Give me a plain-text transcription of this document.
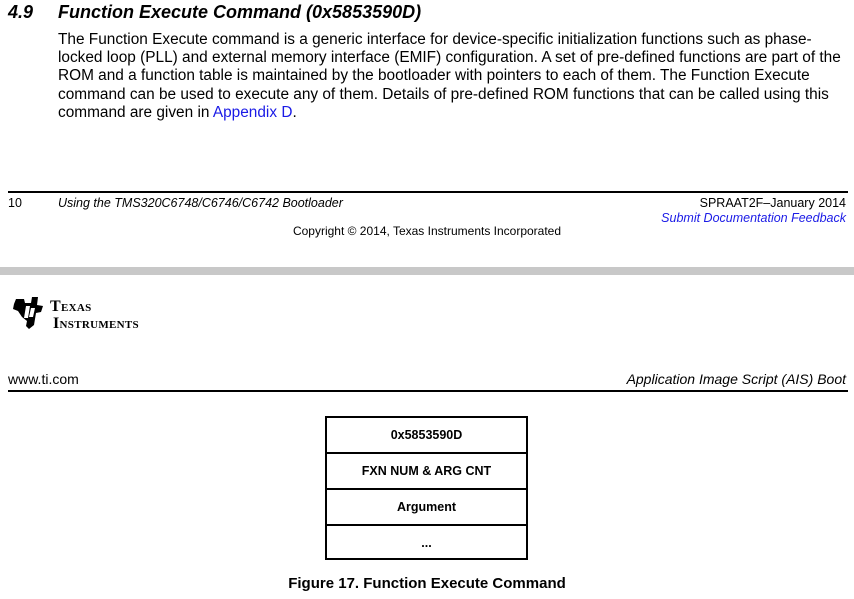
4.9 Function Execute Command (0x5853590D)
The Function Execute command is a generic interface for device-specific initialization functions such as phase-locked loop (PLL) and external memory interface (EMIF) configuration. A set of pre-defined functions are part of the ROM and a function table is maintained by the bootloader with pointers to each of them. The Function Execute command can be used to execute any of them. Details of pre-defined ROM functions that can be called using this command are given in Appendix D.
10	Using the TMS320C6748/C6746/C6742 Bootloader	SPRAAT2F–January 2014
Submit Documentation Feedback
Copyright © 2014, Texas Instruments Incorporated
Texas
Instruments
www.ti.com	Application Image Script (AIS) Boot
0x5853590D
FXN NUM & ARG CNT
Argument
...
Figure 17. Function Execute Command
